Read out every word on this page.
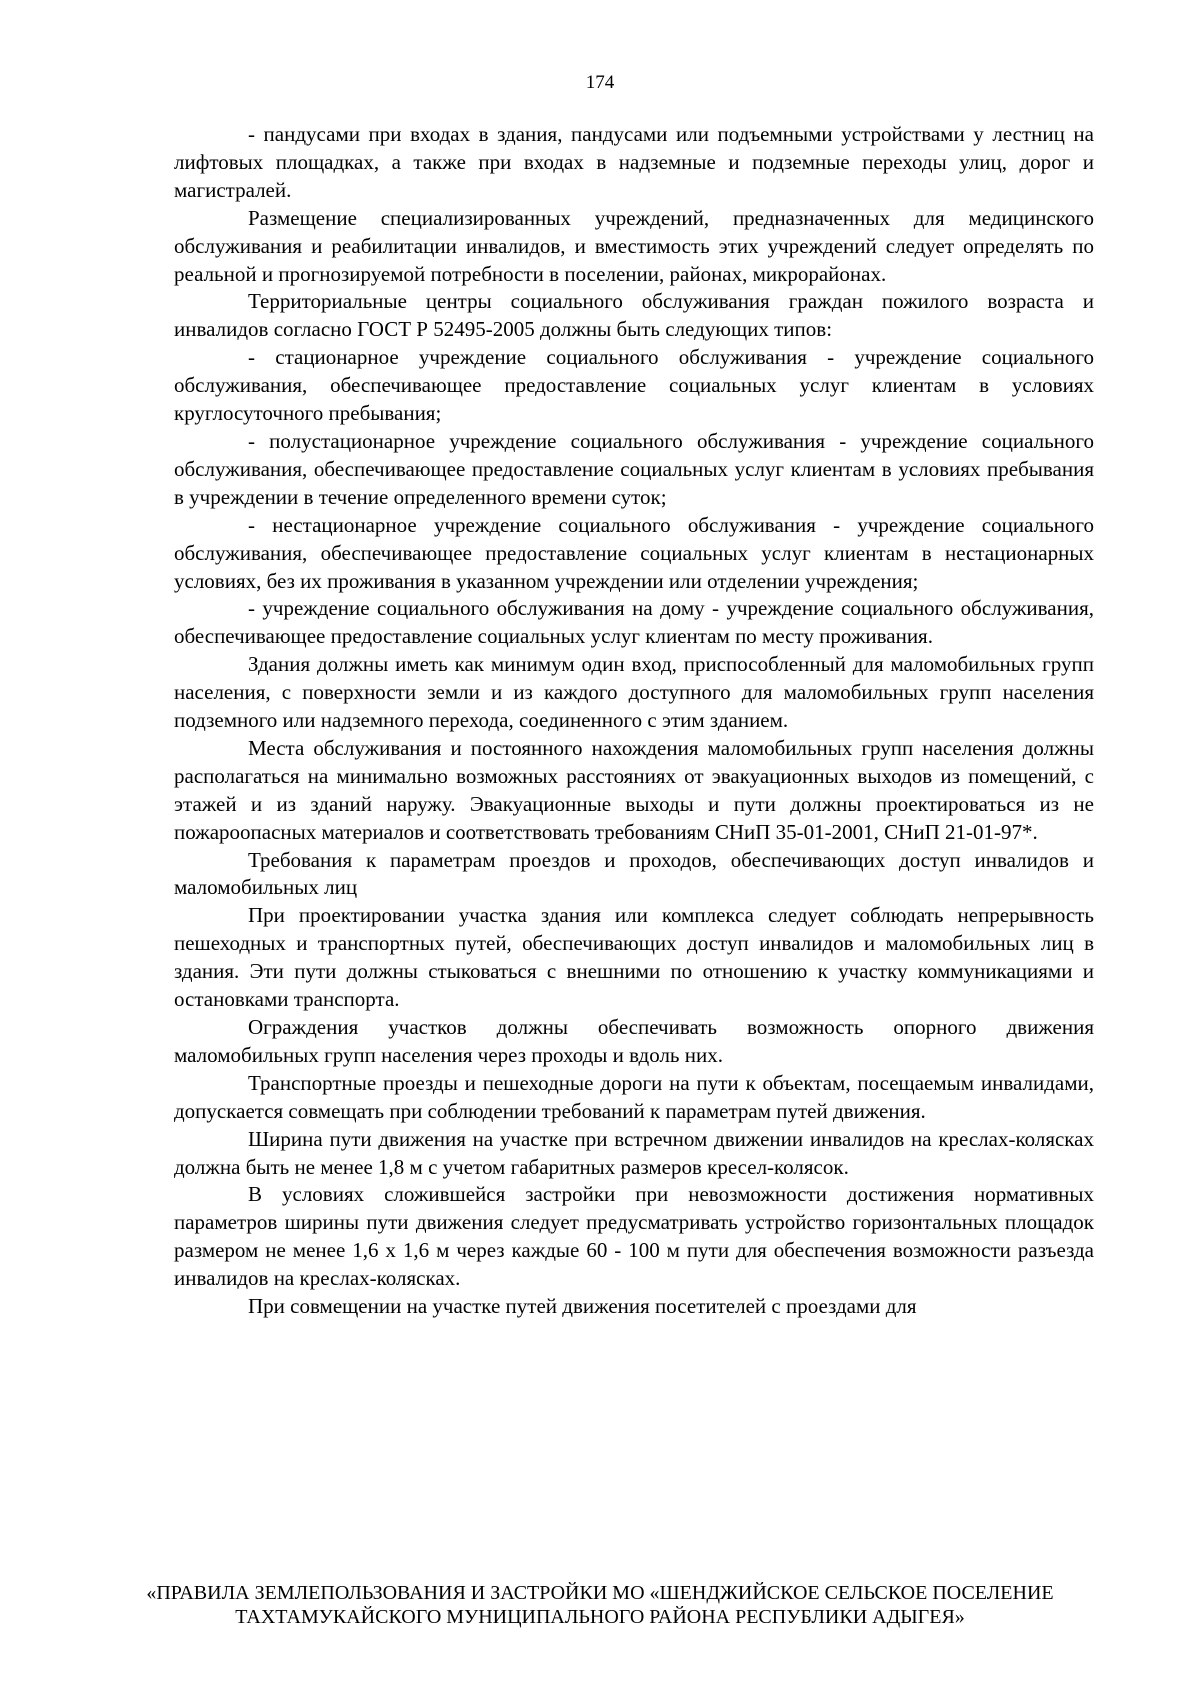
174

- пандусами при входах в здания, пандусами или подъемными устройствами у лестниц на лифтовых площадках, а также при входах в надземные и подземные переходы улиц, дорог и магистралей.

Размещение специализированных учреждений, предназначенных для медицинского обслуживания и реабилитации инвалидов, и вместимость этих учреждений следует определять по реальной и прогнозируемой потребности в поселении, районах, микрорайонах.

Территориальные центры социального обслуживания граждан пожилого возраста и инвалидов согласно ГОСТ Р 52495-2005 должны быть следующих типов:

- стационарное учреждение социального обслуживания - учреждение социального обслуживания, обеспечивающее предоставление социальных услуг клиентам в условиях круглосуточного пребывания;

- полустационарное учреждение социального обслуживания - учреждение социального обслуживания, обеспечивающее предоставление социальных услуг клиентам в условиях пребывания в учреждении в течение определенного времени суток;

- нестационарное учреждение социального обслуживания - учреждение социального обслуживания, обеспечивающее предоставление социальных услуг клиентам в нестационарных условиях, без их проживания в указанном учреждении или отделении учреждения;

- учреждение социального обслуживания на дому - учреждение социального обслуживания, обеспечивающее предоставление социальных услуг клиентам по месту проживания.

Здания должны иметь как минимум один вход, приспособленный для маломобильных групп населения, с поверхности земли и из каждого доступного для маломобильных групп населения подземного или надземного перехода, соединенного с этим зданием.

Места обслуживания и постоянного нахождения маломобильных групп населения должны располагаться на минимально возможных расстояниях от эвакуационных выходов из помещений, с этажей и из зданий наружу. Эвакуационные выходы и пути должны проектироваться из не пожароопасных материалов и соответствовать требованиям СНиП 35-01-2001, СНиП 21-01-97*.

Требования к параметрам проездов и проходов, обеспечивающих доступ инвалидов и маломобильных лиц

При проектировании участка здания или комплекса следует соблюдать непрерывность пешеходных и транспортных путей, обеспечивающих доступ инвалидов и маломобильных лиц в здания. Эти пути должны стыковаться с внешними по отношению к участку коммуникациями и остановками транспорта.

Ограждения участков должны обеспечивать возможность опорного движения маломобильных групп населения через проходы и вдоль них.

Транспортные проезды и пешеходные дороги на пути к объектам, посещаемым инвалидами, допускается совмещать при соблюдении требований к параметрам путей движения.

Ширина пути движения на участке при встречном движении инвалидов на креслах-колясках должна быть не менее 1,8 м с учетом габаритных размеров кресел-колясок.

В условиях сложившейся застройки при невозможности достижения нормативных параметров ширины пути движения следует предусматривать устройство горизонтальных площадок размером не менее 1,6 х 1,6 м через каждые 60 - 100 м пути для обеспечения возможности разъезда инвалидов на креслах-колясках.

При совмещении на участке путей движения посетителей с проездами для

«ПРАВИЛА ЗЕМЛЕПОЛЬЗОВАНИЯ И ЗАСТРОЙКИ МО «ШЕНДЖИЙСКОЕ СЕЛЬСКОЕ ПОСЕЛЕНИЕ
ТАХТАМУКАЙСКОГО МУНИЦИПАЛЬНОГО РАЙОНА РЕСПУБЛИКИ АДЫГЕЯ»
